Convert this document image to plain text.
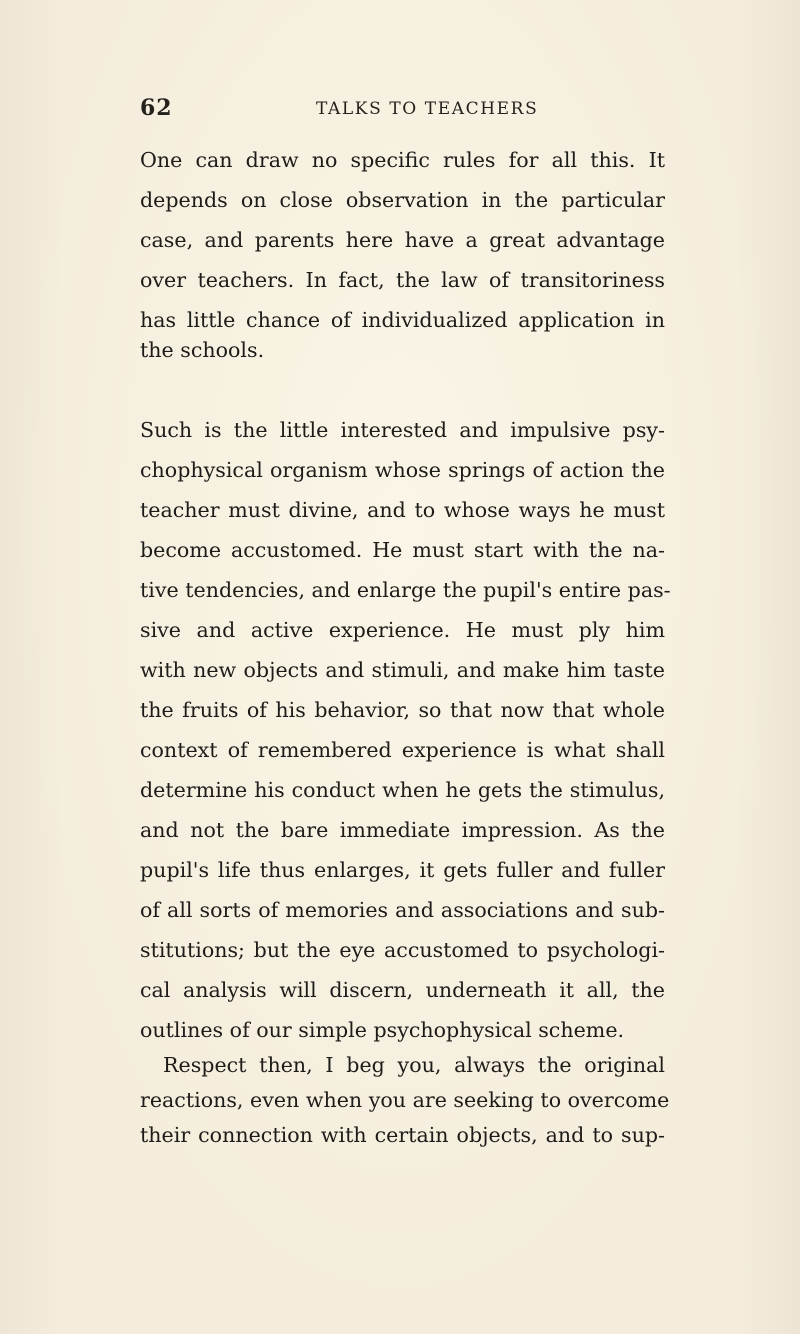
62	TALKS TO TEACHERS
One can draw no specific rules for all this. It
depends on close observation in the particular
case, and parents here have a great advantage
over teachers. In fact, the law of transitoriness
has little chance of individualized application in
the schools.
Such is the little interested and impulsive psy-
chophysical organism whose springs of action the
teacher must divine, and to whose ways he must
become accustomed. He must start with the na-
tive tendencies, and enlarge the pupil's entire pas-
sive and active experience. He must ply him
with new objects and stimuli, and make him taste
the fruits of his behavior, so that now that whole
context of remembered experience is what shall
determine his conduct when he gets the stimulus,
and not the bare immediate impression. As the
pupil's life thus enlarges, it gets fuller and fuller
of all sorts of memories and associations and sub-
stitutions; but the eye accustomed to psychologi-
cal analysis will discern, underneath it all, the
outlines of our simple psychophysical scheme.
Respect then, I beg you, always the original
reactions, even when you are seeking to overcome
their connection with certain objects, and to sup-
